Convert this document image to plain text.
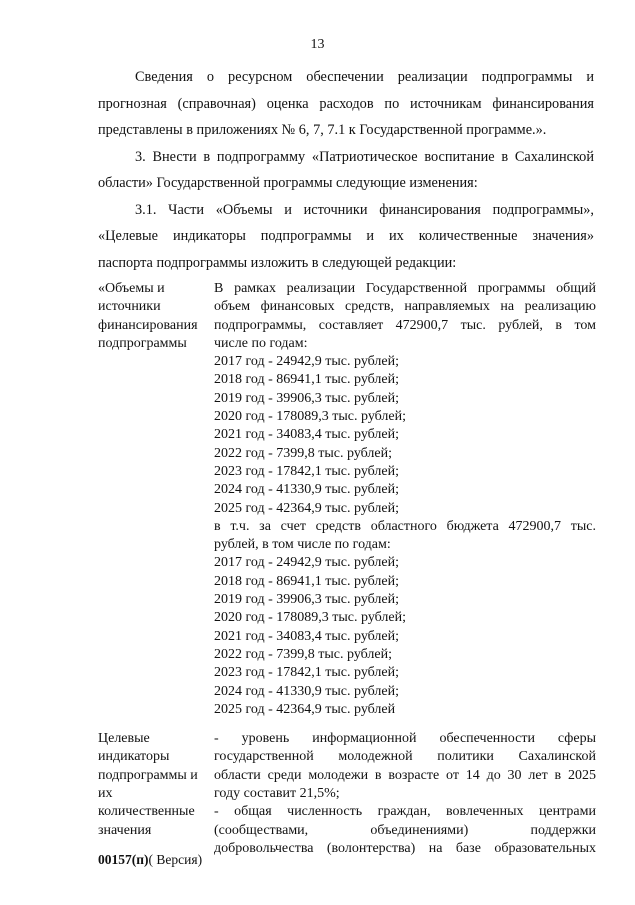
13
Сведения о ресурсном обеспечении реализации подпрограммы и
прогнозная (справочная) оценка расходов по источникам финансирования
представлены в приложениях № 6, 7, 7.1 к Государственной программе.».
3. Внести в подпрограмму «Патриотическое воспитание в Сахалинской
области» Государственной программы следующие изменения:
3.1. Части «Объемы и источники финансирования подпрограммы»,
«Целевые индикаторы подпрограммы и их количественные значения»
паспорта подпрограммы изложить в следующей редакции:
«Объемы и
источники
финансирования
подпрограммы
В рамках реализации Государственной программы общий
объем финансовых средств, направляемых на реализацию
подпрограммы, составляет 472900,7 тыс. рублей, в том
числе по годам:
2017 год - 24942,9 тыс. рублей;
2018 год - 86941,1 тыс. рублей;
2019 год - 39906,3 тыс. рублей;
2020 год - 178089,3 тыс. рублей;
2021 год - 34083,4 тыс. рублей;
2022 год - 7399,8 тыс. рублей;
2023 год - 17842,1 тыс. рублей;
2024 год - 41330,9 тыс. рублей;
2025 год - 42364,9 тыс. рублей;
в т.ч. за счет средств областного бюджета 472900,7 тыс.
рублей, в том числе по годам:
2017 год - 24942,9 тыс. рублей;
2018 год - 86941,1 тыс. рублей;
2019 год - 39906,3 тыс. рублей;
2020 год - 178089,3 тыс. рублей;
2021 год - 34083,4 тыс. рублей;
2022 год - 7399,8 тыс. рублей;
2023 год - 17842,1 тыс. рублей;
2024 год - 41330,9 тыс. рублей;
2025 год - 42364,9 тыс. рублей
Целевые
индикаторы
подпрограммы и
их
количественные
значения
- уровень информационной обеспеченности сферы
государственной молодежной политики Сахалинской
области среди молодежи в возрасте от 14 до 30 лет в 2025
году составит 21,5%;
- общая численность граждан, вовлеченных центрами
(сообществами, объединениями) поддержки
добровольчества (волонтерства) на базе образовательных
00157(п)( Версия)
